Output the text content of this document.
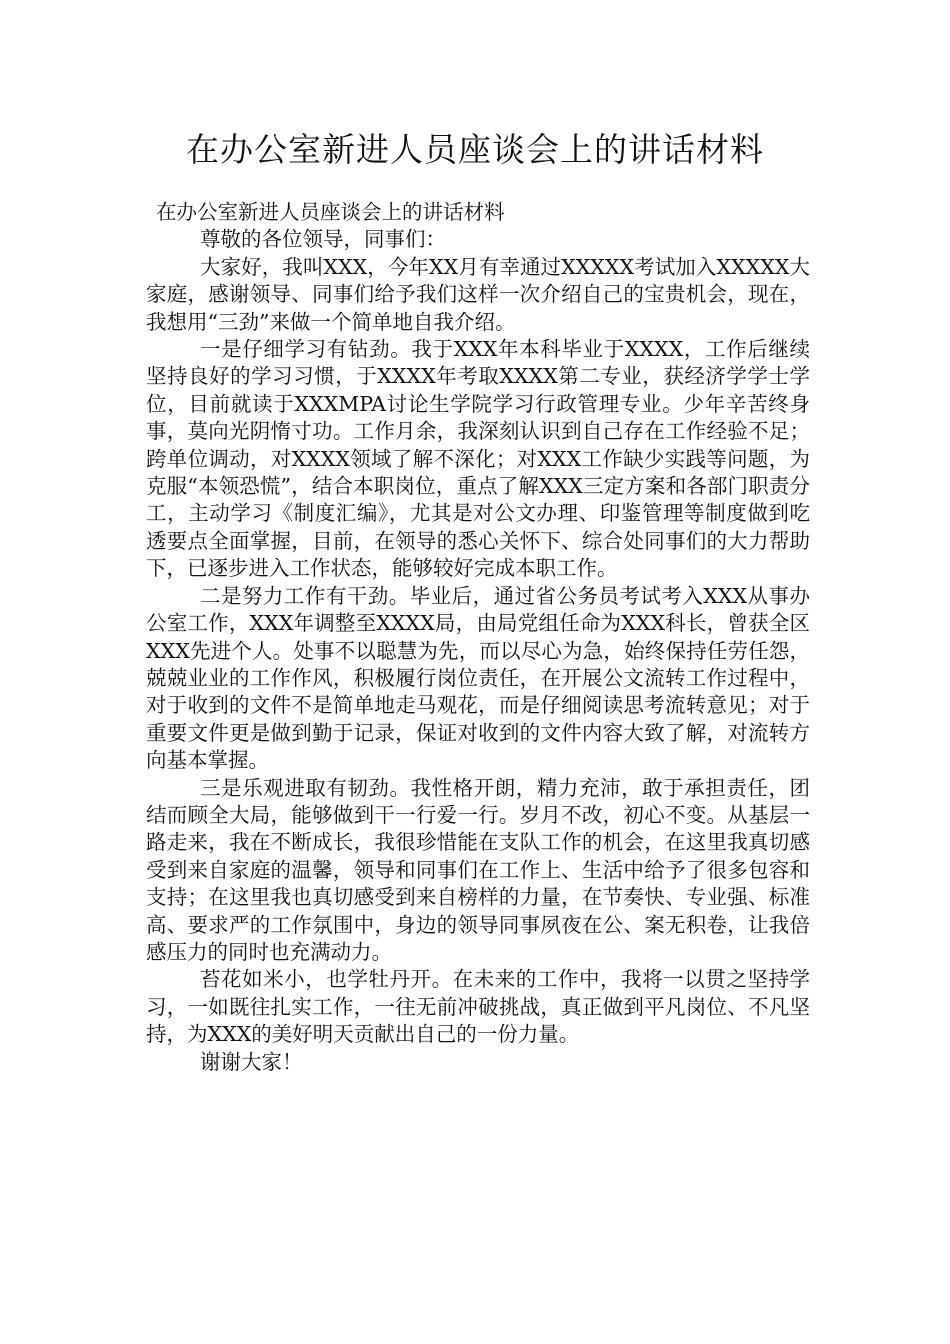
在办公室新进人员座谈会上的讲话材料

在办公室新进人员座谈会上的讲话材料

尊敬的各位领导，同事们：

大家好，我叫XXX，今年XX月有幸通过XXXXX考试加入XXXXX大家庭，感谢领导、同事们给予我们这样一次介绍自己的宝贵机会，现在，我想用“三劲”来做一个简单地自我介绍。

一是仔细学习有钻劲。我于XXX年本科毕业于XXXX，工作后继续坚持良好的学习习惯，于XXXX年考取XXXX第二专业，获经济学学士学位，目前就读于XXXMPA讨论生学院学习行政管理专业。少年辛苦终身事，莫向光阴惰寸功。工作月余，我深刻认识到自己存在工作经验不足；跨单位调动，对XXXX领域了解不深化；对XXX工作缺少实践等问题，为克服“本领恐慌”，结合本职岗位，重点了解XXX三定方案和各部门职责分工，主动学习《制度汇编》，尤其是对公文办理、印鉴管理等制度做到吃透要点全面掌握，目前，在领导的悉心关怀下、综合处同事们的大力帮助下，已逐步进入工作状态，能够较好完成本职工作。

二是努力工作有干劲。毕业后，通过省公务员考试考入XXX从事办公室工作，XXX年调整至XXXX局，由局党组任命为XXX科长，曾获全区XXX先进个人。处事不以聪慧为先，而以尽心为急，始终保持任劳任怨，兢兢业业的工作作风，积极履行岗位责任，在开展公文流转工作过程中，对于收到的文件不是简单地走马观花，而是仔细阅读思考流转意见；对于重要文件更是做到勤于记录，保证对收到的文件内容大致了解，对流转方向基本掌握。

三是乐观进取有韧劲。我性格开朗，精力充沛，敢于承担责任，团结而顾全大局，能够做到干一行爱一行。岁月不改，初心不变。从基层一路走来，我在不断成长，我很珍惜能在支队工作的机会，在这里我真切感受到来自家庭的温馨，领导和同事们在工作上、生活中给予了很多包容和支持；在这里我也真切感受到来自榜样的力量，在节奏快、专业强、标准高、要求严的工作氛围中，身边的领导同事夙夜在公、案无积卷，让我倍感压力的同时也充满动力。

苔花如米小，也学牡丹开。在未来的工作中，我将一以贯之坚持学习，一如既往扎实工作，一往无前冲破挑战，真正做到平凡岗位、不凡坚持，为XXX的美好明天贡献出自己的一份力量。

谢谢大家！
